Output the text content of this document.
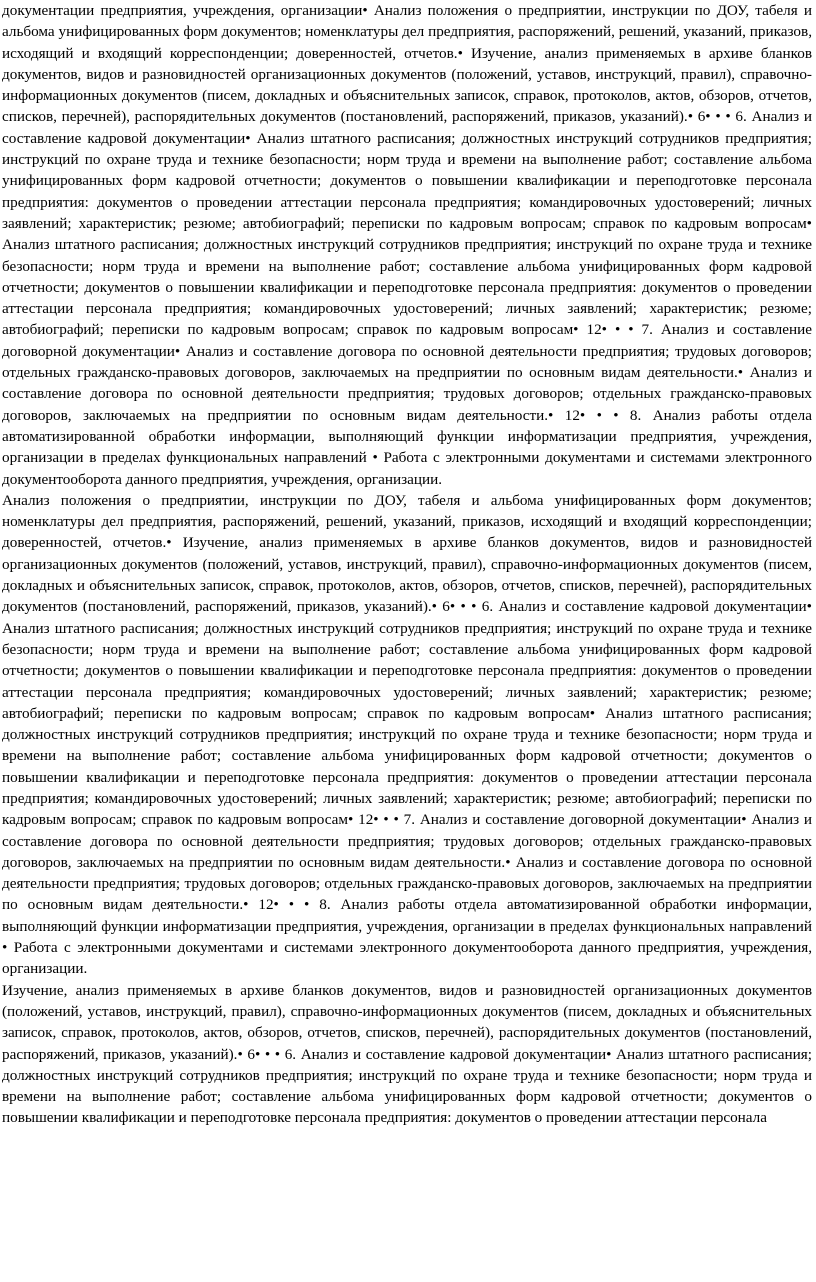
документации предприятия, учреждения, организации• Анализ положения о предприятии, инструкции по ДОУ, табеля и альбома унифицированных форм документов; номенклатуры дел предприятия, распоряжений, решений, указаний, приказов, исходящий и входящий корреспонденции; доверенностей, отчетов.• Изучение, анализ применяемых в архиве бланков документов, видов и разновидностей организационных документов (положений, уставов, инструкций, правил), справочно-информационных документов (писем, докладных и объяснительных записок, справок, протоколов, актов, обзоров, отчетов, списков, перечней), распорядительных документов (постановлений, распоряжений, приказов, указаний).• 6• • • 6. Анализ и составление кадровой документации• Анализ штатного расписания; должностных инструкций сотрудников предприятия; инструкций по охране труда и технике безопасности; норм труда и времени на выполнение работ; составление альбома унифицированных форм кадровой отчетности; документов о повышении квалификации и переподготовке персонала предприятия: документов о проведении аттестации персонала предприятия; командировочных удостоверений; личных заявлений; характеристик; резюме; автобиографий; переписки по кадровым вопросам; справок по кадровым вопросам• Анализ штатного расписания; должностных инструкций сотрудников предприятия; инструкций по охране труда и технике безопасности; норм труда и времени на выполнение работ; составление альбома унифицированных форм кадровой отчетности; документов о повышении квалификации и переподготовке персонала предприятия: документов о проведении аттестации персонала предприятия; командировочных удостоверений; личных заявлений; характеристик; резюме; автобиографий; переписки по кадровым вопросам; справок по кадровым вопросам• 12• • • 7. Анализ и составление договорной документации• Анализ и составление договора по основной деятельности предприятия; трудовых договоров; отдельных гражданско-правовых договоров, заключаемых на предприятии по основным видам деятельности.• Анализ и составление договора по основной деятельности предприятия; трудовых договоров; отдельных гражданско-правовых договоров, заключаемых на предприятии по основным видам деятельности.• 12• • • 8. Анализ работы отдела автоматизированной обработки информации, выполняющий функции информатизации предприятия, учреждения, организации в пределах функциональных направлений • Работа с электронными документами и системами электронного документооборота данного предприятия, учреждения, организации.

Анализ положения о предприятии, инструкции по ДОУ, табеля и альбома унифицированных форм документов; номенклатуры дел предприятия, распоряжений, решений, указаний, приказов, исходящий и входящий корреспонденции; доверенностей, отчетов.• Изучение, анализ применяемых в архиве бланков документов, видов и разновидностей организационных документов (положений, уставов, инструкций, правил), справочно-информационных документов (писем, докладных и объяснительных записок, справок, протоколов, актов, обзоров, отчетов, списков, перечней), распорядительных документов (постановлений, распоряжений, приказов, указаний).• 6• • • 6. Анализ и составление кадровой документации• Анализ штатного расписания; должностных инструкций сотрудников предприятия; инструкций по охране труда и технике безопасности; норм труда и времени на выполнение работ; составление альбома унифицированных форм кадровой отчетности; документов о повышении квалификации и переподготовке персонала предприятия: документов о проведении аттестации персонала предприятия; командировочных удостоверений; личных заявлений; характеристик; резюме; автобиографий; переписки по кадровым вопросам; справок по кадровым вопросам• Анализ штатного расписания; должностных инструкций сотрудников предприятия; инструкций по охране труда и технике безопасности; норм труда и времени на выполнение работ; составление альбома унифицированных форм кадровой отчетности; документов о повышении квалификации и переподготовке персонала предприятия: документов о проведении аттестации персонала предприятия; командировочных удостоверений; личных заявлений; характеристик; резюме; автобиографий; переписки по кадровым вопросам; справок по кадровым вопросам• 12• • • 7. Анализ и составление договорной документации• Анализ и составление договора по основной деятельности предприятия; трудовых договоров; отдельных гражданско-правовых договоров, заключаемых на предприятии по основным видам деятельности.• Анализ и составление договора по основной деятельности предприятия; трудовых договоров; отдельных гражданско-правовых договоров, заключаемых на предприятии по основным видам деятельности.• 12• • • 8. Анализ работы отдела автоматизированной обработки информации, выполняющий функции информатизации предприятия, учреждения, организации в пределах функциональных направлений • Работа с электронными документами и системами электронного документооборота данного предприятия, учреждения, организации.

Изучение, анализ применяемых в архиве бланков документов, видов и разновидностей организационных документов (положений, уставов, инструкций, правил), справочно-информационных документов (писем, докладных и объяснительных записок, справок, протоколов, актов, обзоров, отчетов, списков, перечней), распорядительных документов (постановлений, распоряжений, приказов, указаний).• 6• • • 6. Анализ и составление кадровой документации• Анализ штатного расписания; должностных инструкций сотрудников предприятия; инструкций по охране труда и технике безопасности; норм труда и времени на выполнение работ; составление альбома унифицированных форм кадровой отчетности; документов о повышении квалификации и переподготовке персонала предприятия: документов о проведении аттестации персонала
